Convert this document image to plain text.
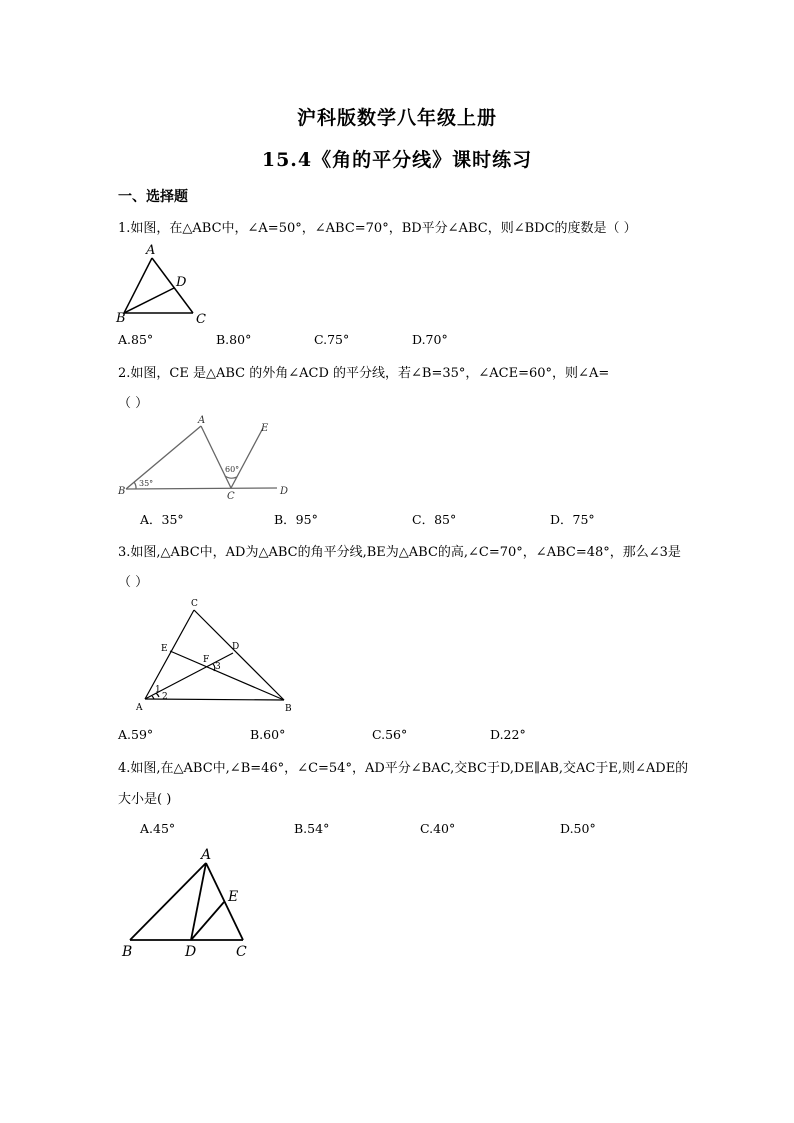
沪科版数学八年级上册
15.4《角的平分线》课时练习
一、选择题
1.如图，在△ABC中，∠A=50°，∠ABC=70°，BD平分∠ABC，则∠BDC的度数是（ ）
A
D
B	C
A.85°	B.80°	C.75°	D.70°
2.如图，CE 是△ABC 的外角∠ACD 的平分线，若∠B=35°，∠ACE=60°，则∠A=
（ ）
A
E
B	C	D
35°
60°
A．35°	B．95°	C．85°	D．75°
3.如图,△ABC中，AD为△ABC的角平分线,BE为△ABC的高,∠C=70°，∠ABC=48°，那么∠3是
（ ）
C
E	D
F
3
1
2
A	B
A.59°	B.60°	C.56°	D.22°
4.如图,在△ABC中,∠B=46°，∠C=54°，AD平分∠BAC,交BC于D,DE∥AB,交AC于E,则∠ADE的
大小是( )
A.45°	B.54°	C.40°	D.50°
A
E
B	D	C
